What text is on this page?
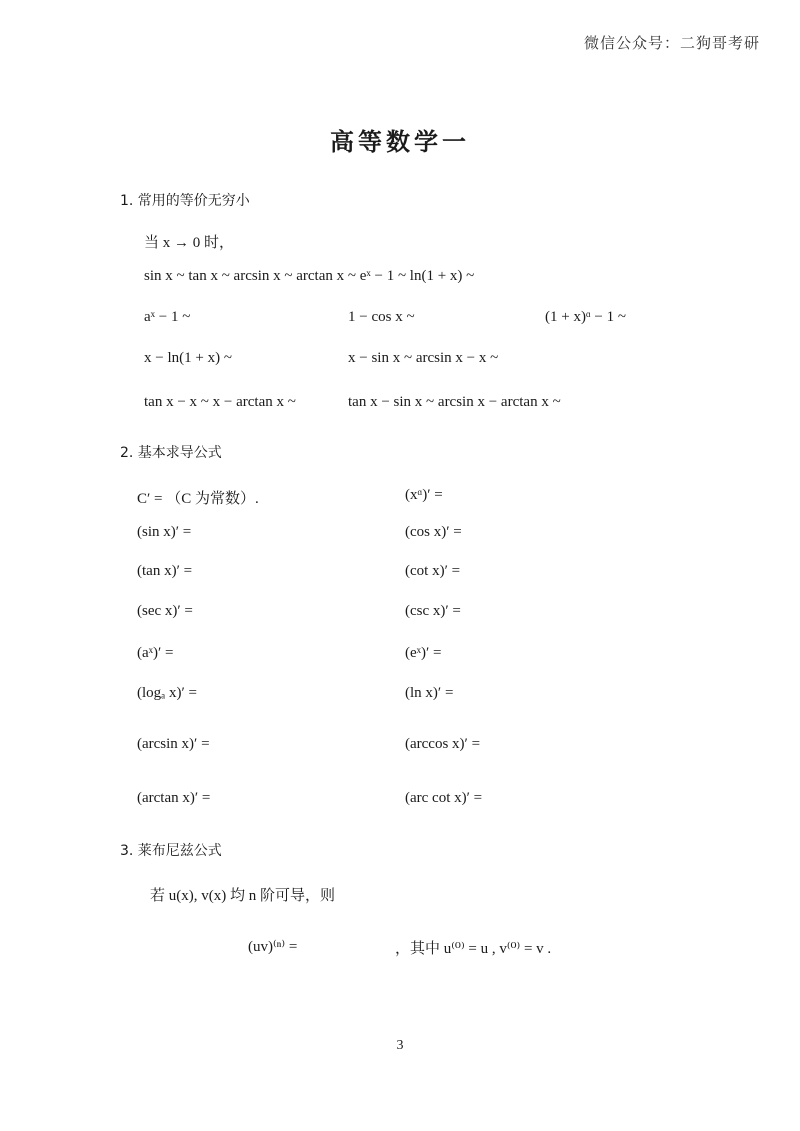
微信公众号：二狗哥考研
高等数学一
1. 常用的等价无穷小
当 x → 0 时，
sin x ~ tan x ~ arcsin x ~ arctan x ~ eˣ − 1 ~ ln(1 + x) ~
aˣ − 1 ~	1 − cos x ~	(1 + x)ᵅ − 1 ~
x − ln(1 + x) ~	x − sin x ~ arcsin x − x ~
tan x − x ~ x − arctan x ~	tan x − sin x ~ arcsin x − arctan x ~
2. 基本求导公式
C′ = （C 为常数）.	(xᵅ)′ =
(sin x)′ =	(cos x)′ =
(tan x)′ =	(cot x)′ =
(sec x)′ =	(csc x)′ =
(aˣ)′ =	(eˣ)′ =
(logₐ x)′ =	(ln x)′ =
(arcsin x)′ =	(arccos x)′ =
(arctan x)′ =	(arc cot x)′ =
3. 莱布尼兹公式
若 u(x), v(x) 均 n 阶可导，则
(uv)⁽ⁿ⁾ =	，其中 u⁽⁰⁾ = u , v⁽⁰⁾ = v .
3
